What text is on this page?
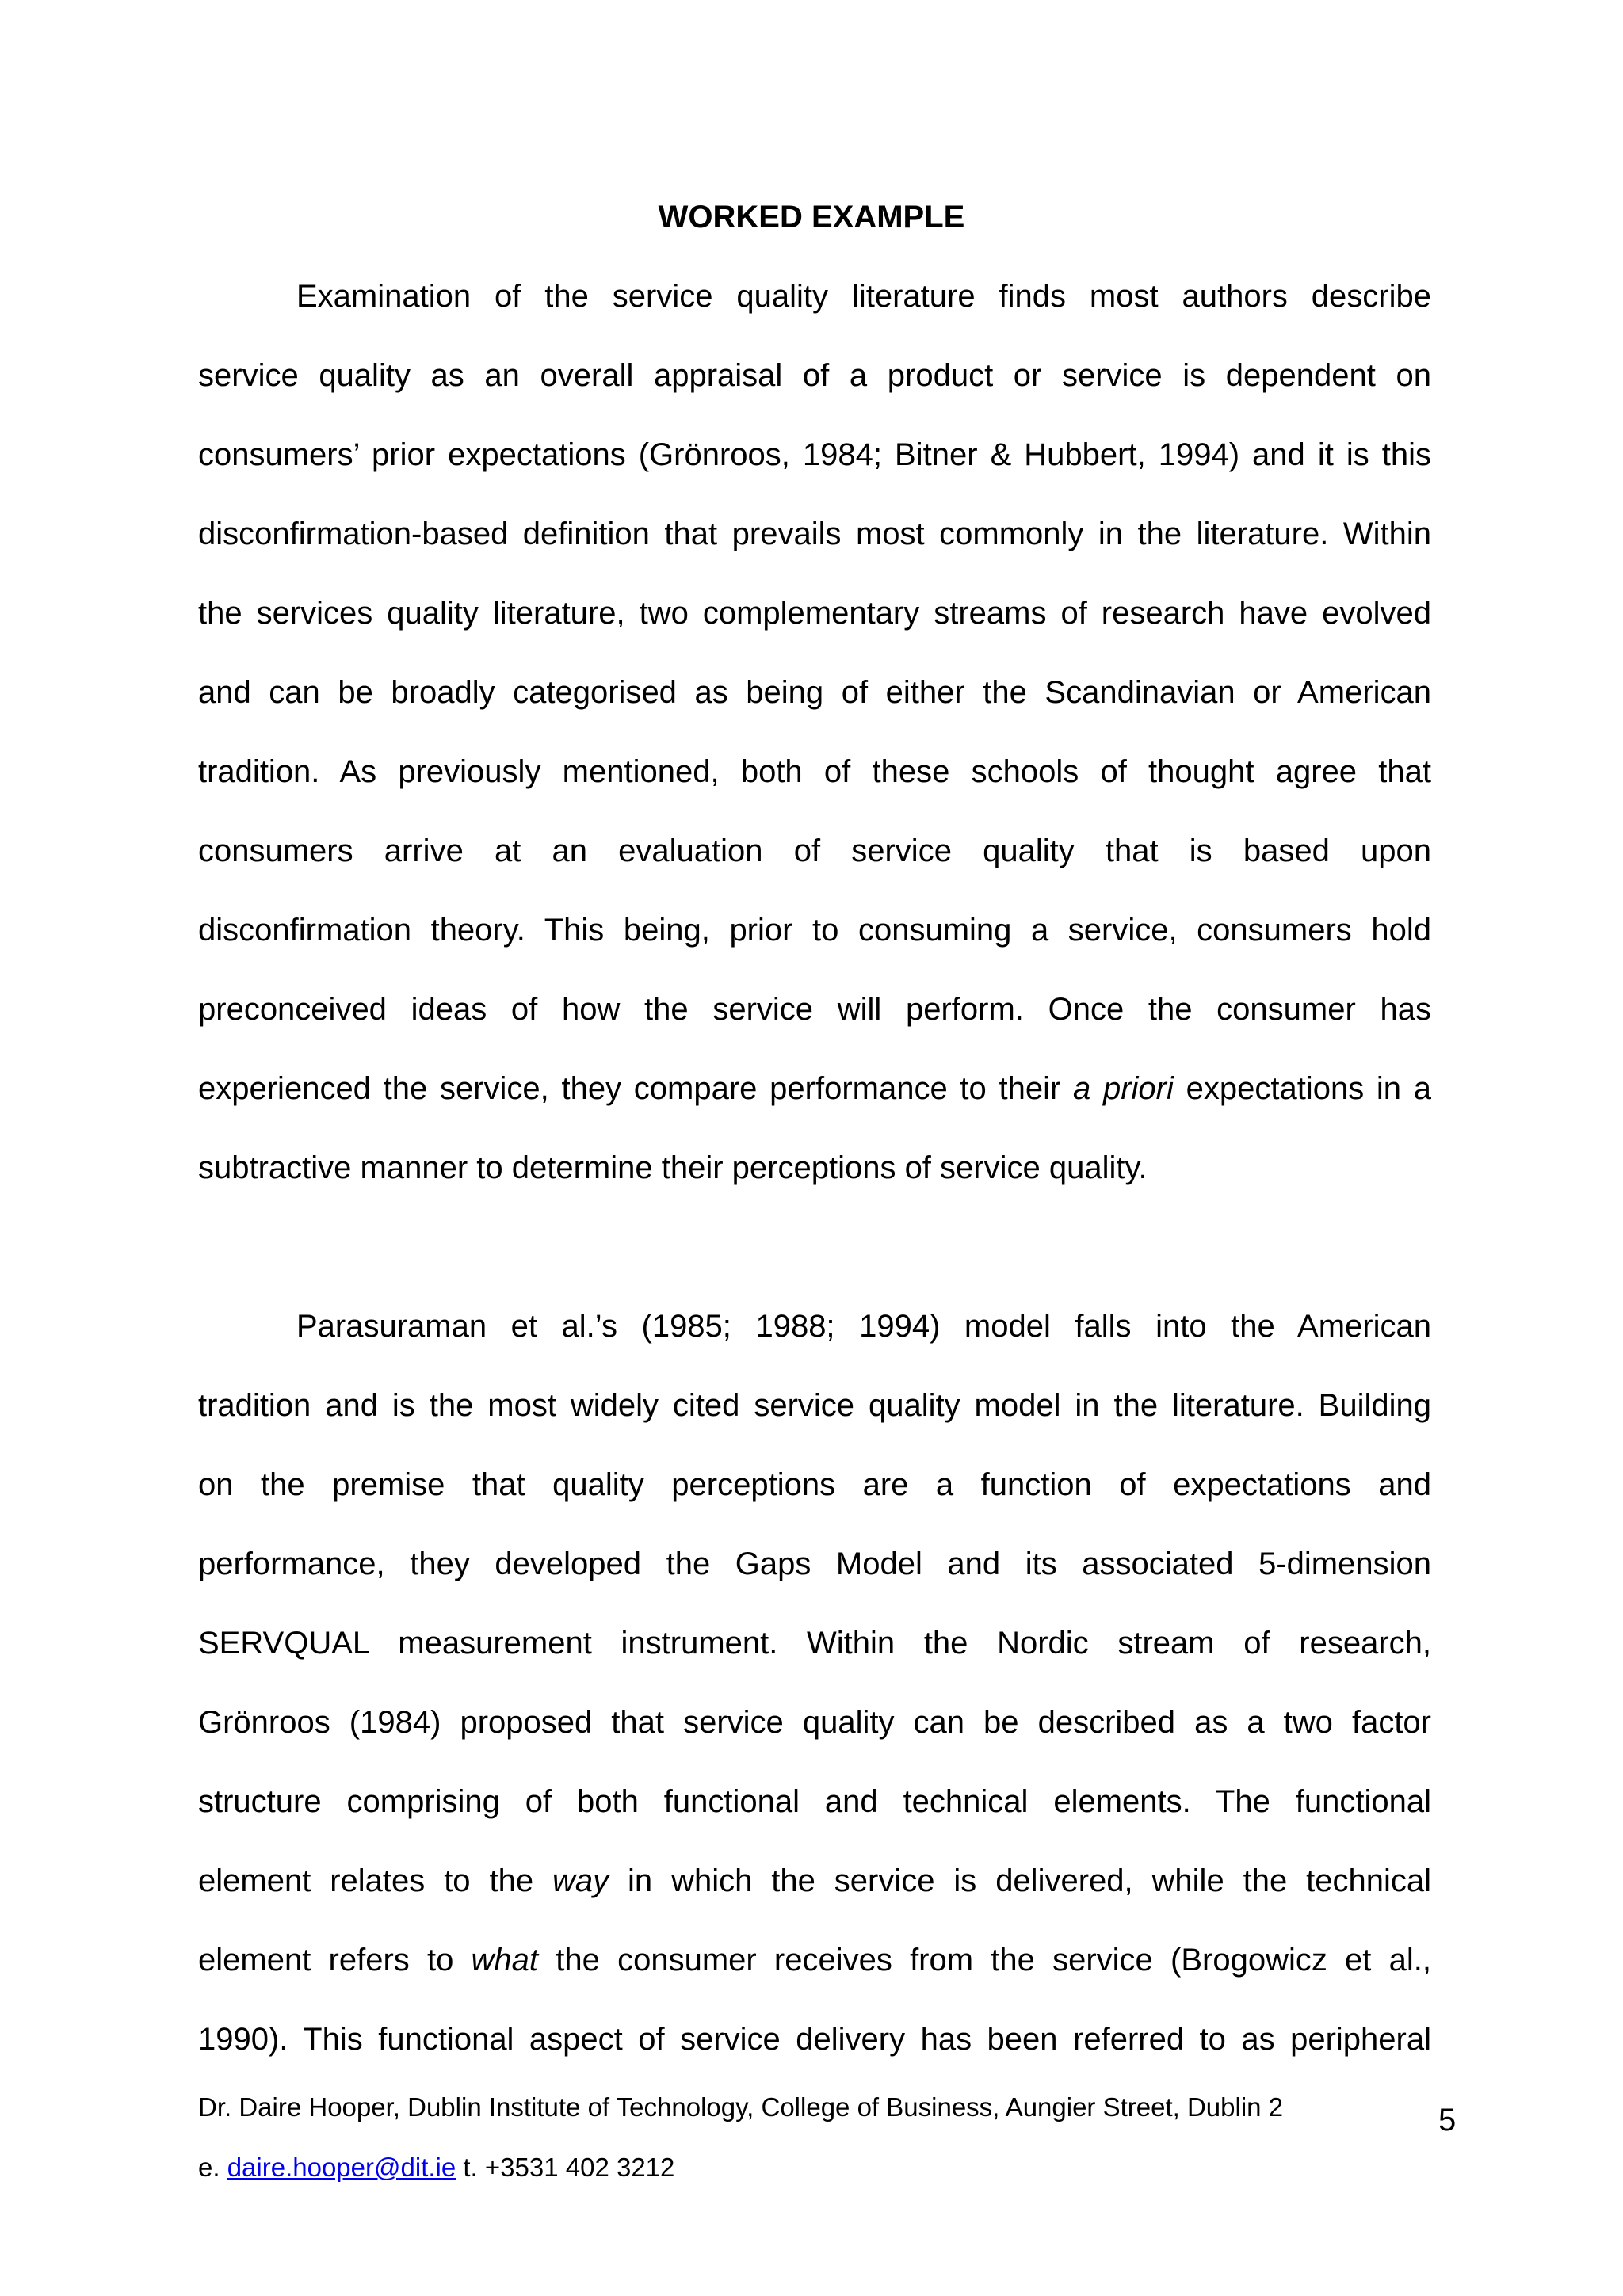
WORKED EXAMPLE
Examination of the service quality literature finds most authors describe
service quality as an overall appraisal of a product or service is dependent on
consumers’ prior expectations (Grönroos, 1984; Bitner & Hubbert, 1994) and it is this
disconfirmation-based definition that prevails most commonly in the literature. Within
the services quality literature, two complementary streams of research have evolved
and can be broadly categorised as being of either the Scandinavian or American
tradition. As previously mentioned, both of these schools of thought agree that
consumers arrive at an evaluation of service quality that is based upon
disconfirmation theory. This being, prior to consuming a service, consumers hold
preconceived ideas of how the service will perform. Once the consumer has
experienced the service, they compare performance to their a priori expectations in a
subtractive manner to determine their perceptions of service quality.
Parasuraman et al.’s (1985; 1988; 1994) model falls into the American
tradition and is the most widely cited service quality model in the literature. Building
on the premise that quality perceptions are a function of expectations and
performance, they developed the Gaps Model and its associated 5-dimension
SERVQUAL measurement instrument. Within the Nordic stream of research,
Grönroos (1984) proposed that service quality can be described as a two factor
structure comprising of both functional and technical elements. The functional
element relates to the way in which the service is delivered, while the technical
element refers to what the consumer receives from the service (Brogowicz et al.,
1990). This functional aspect of service delivery has been referred to as peripheral
Dr. Daire Hooper, Dublin Institute of Technology, College of Business, Aungier Street, Dublin 2	5
e. daire.hooper@dit.ie t. +3531 402 3212
